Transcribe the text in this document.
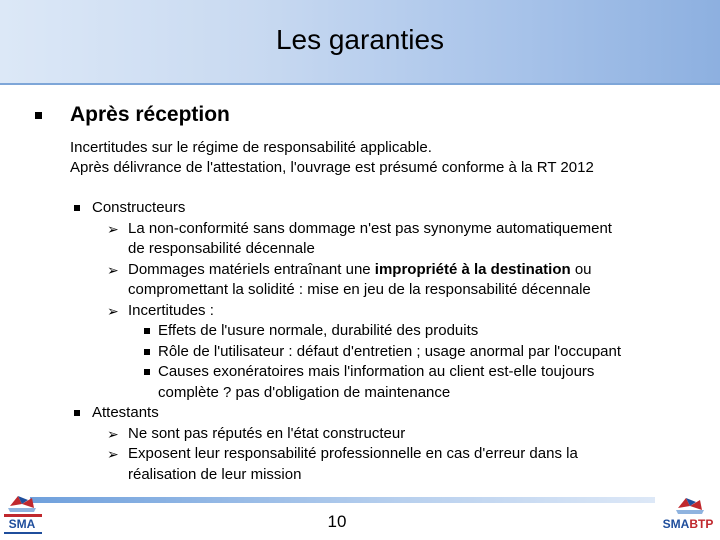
Les garanties
Après réception
Incertitudes sur le régime de responsabilité applicable.
Après délivrance de l'attestation, l'ouvrage est présumé conforme à la RT 2012
Constructeurs
➢ La non-conformité sans dommage n'est pas synonyme automatiquement
de responsabilité décennale
➢ Dommages matériels entraînant une impropriété à la destination ou
compromettant la solidité : mise en jeu de la responsabilité décennale
➢ Incertitudes :
Effets de l'usure normale, durabilité des produits
Rôle de l'utilisateur : défaut d'entretien ; usage anormal par l'occupant
Causes exonératoires mais l'information au client est-elle toujours
complète ? pas d'obligation de maintenance
Attestants
➢ Ne sont pas réputés en l'état constructeur
➢ Exposent leur responsabilité professionnelle en cas d'erreur dans la
réalisation de leur mission
10
SMA	SMABTP
